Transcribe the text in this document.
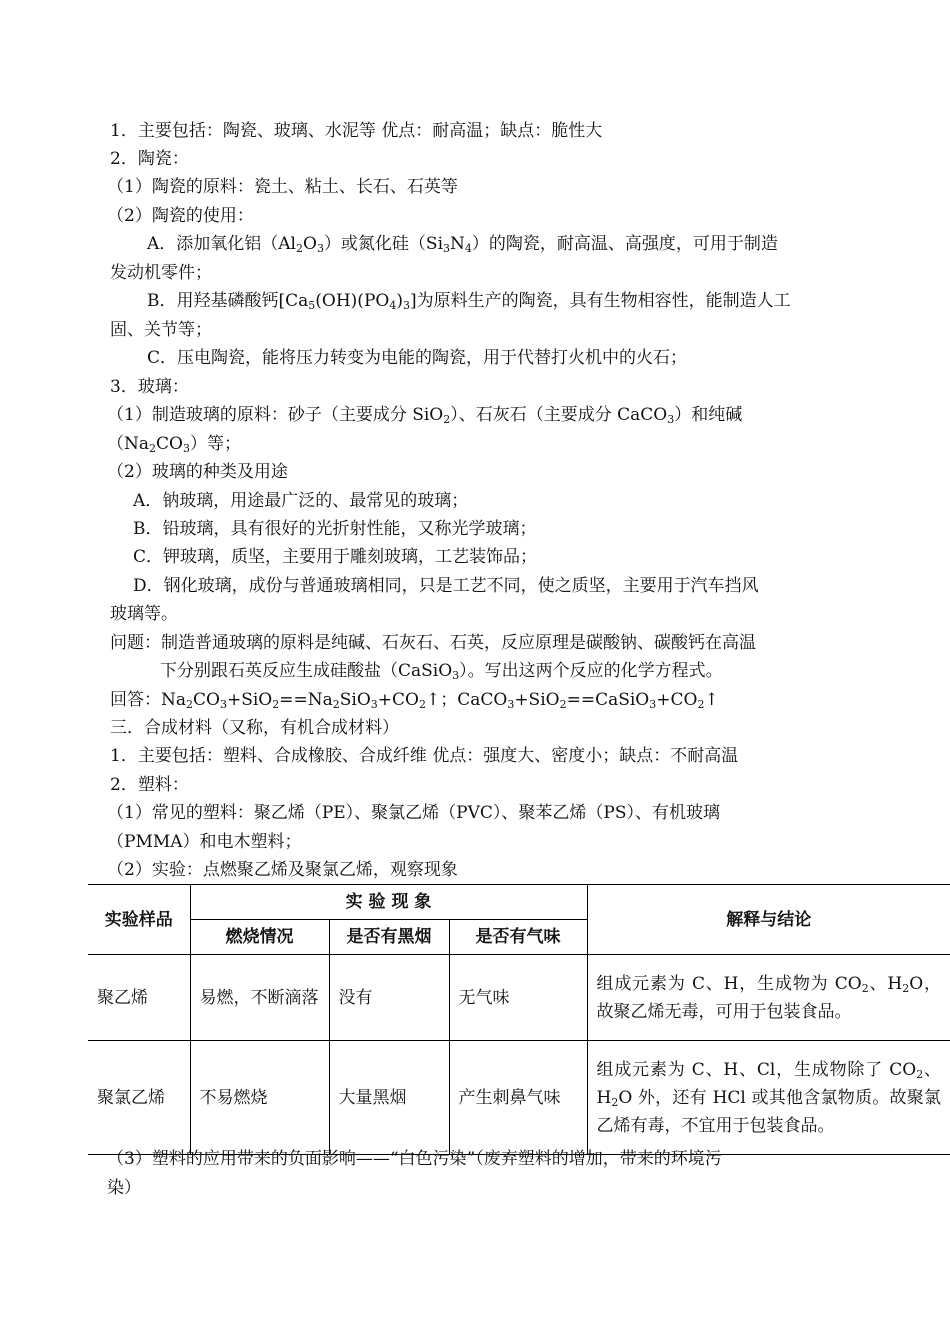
1．主要包括：陶瓷、玻璃、水泥等 优点：耐高温；缺点：脆性大
2．陶瓷：
（1）陶瓷的原料：瓷土、粘土、长石、石英等
（2）陶瓷的使用：
A．添加氧化铝$(Al_2O_3)$或氮化硅$(Si_3N_4)$的陶瓷，耐高温、高强度，可用于制造
发动机零件；
B．用羟基磷酸钙$[Ca_5(OH)(PO_4)_3]$为原料生产的陶瓷，具有生物相容性，能制造人工
固、关节等；
C．压电陶瓷，能将压力转变为电能的陶瓷，用于代替打火机中的火石；
3．玻璃：
（1）制造玻璃的原料：砂子（主要成分 SiO$_2$）、石灰石（主要成分 CaCO$_3$）和纯碱
$(Na_2CO_3)$等；
（2）玻璃的种类及用途
A．钠玻璃，用途最广泛的、最常见的玻璃；
B．铅玻璃，具有很好的光折射性能，又称光学玻璃；
C．钾玻璃，质坚，主要用于雕刻玻璃，工艺装饰品；
D．钢化玻璃，成份与普通玻璃相同，只是工艺不同，使之质坚，主要用于汽车挡风
玻璃等。
问题：制造普通玻璃的原料是纯碱、石灰石、石英，反应原理是碳酸钠、碳酸钙在高温
下分别跟石英反应生成硅酸盐（CaSiO$_3$）。写出这两个反应的化学方程式。
回答：$Na_2CO_3+SiO_2==Na_2SiO_3+CO_2↑$；$CaCO_3+SiO_2==CaSiO_3+CO_2↑$
三．合成材料（又称，有机合成材料）
1．主要包括：塑料、合成橡胶、合成纤维 优点：强度大、密度小；缺点：不耐高温
2．塑料：
（1）常见的塑料：聚乙烯（PE）、聚氯乙烯（PVC）、聚苯乙烯（PS）、有机玻璃
（PMMA）和电木塑料；
（2）实验：点燃聚乙烯及聚氯乙烯，观察现象
实验样品	实 验 现 象			解释与结论
	燃烧情况	是否有黑烟	是否有气味	
聚乙烯	易燃，不断滴落	没有	无气味	组成元素为 C、H，生成物为 $CO_2$、$H_2O$，故聚乙烯无毒，可用于包装食品。
聚氯乙烯	不易燃烧	大量黑烟	产生刺鼻气味	组成元素为 C、H、Cl，生成物除了 $CO_2$、$H_2O$ 外，还有 HCl 或其他含氯物质。故聚氯乙烯有毒，不宜用于包装食品。
（3）塑料的应用带来的负面影响——“白色污染”（废弃塑料的增加，带来的环境污
染）
